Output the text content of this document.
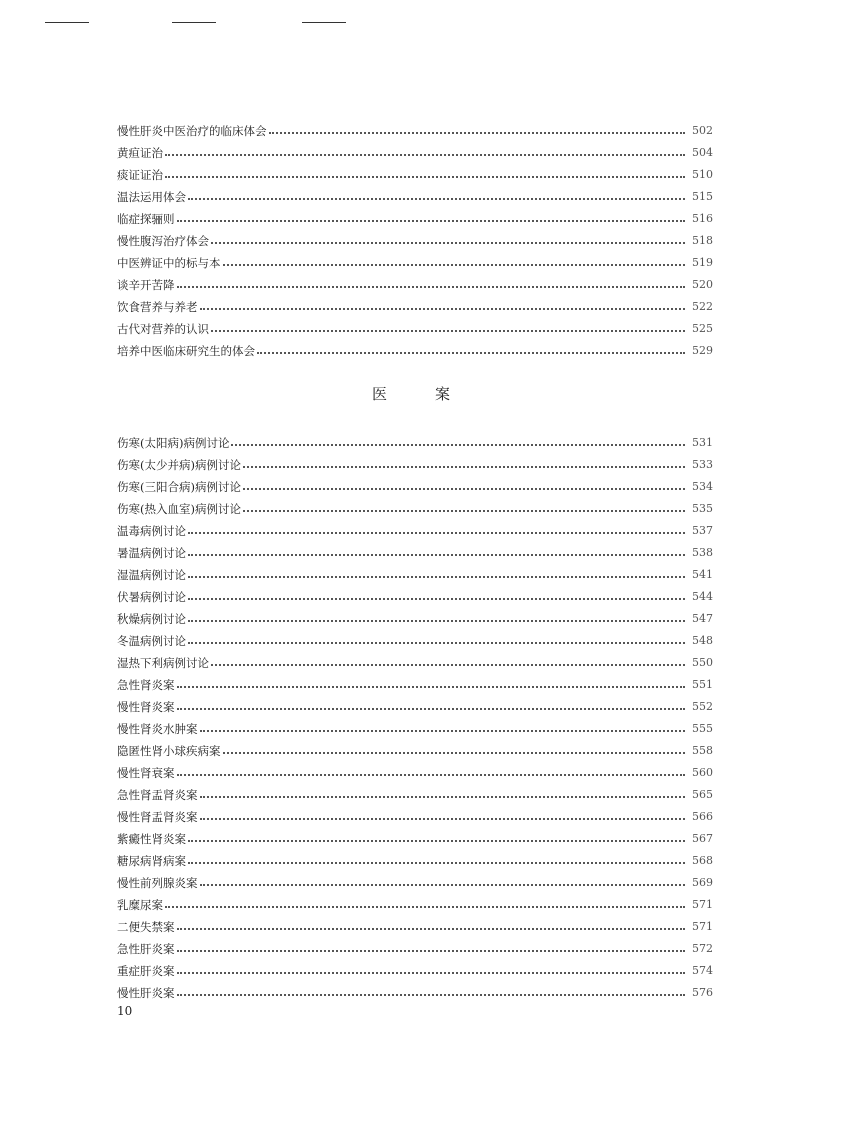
慢性肝炎中医治疗的临床体会	502
黄疸证治	504
痰证证治	510
温法运用体会	515
临症探骊则	516
慢性腹泻治疗体会	518
中医辨证中的标与本	519
谈辛开苦降	520
饮食营养与养老	522
古代对营养的认识	525
培养中医临床研究生的体会	529
医案
伤寒(太阳病)病例讨论	531
伤寒(太少并病)病例讨论	533
伤寒(三阳合病)病例讨论	534
伤寒(热入血室)病例讨论	535
温毒病例讨论	537
暑温病例讨论	538
湿温病例讨论	541
伏暑病例讨论	544
秋燥病例讨论	547
冬温病例讨论	548
湿热下利病例讨论	550
急性肾炎案	551
慢性肾炎案	552
慢性肾炎水肿案	555
隐匿性肾小球疾病案	558
慢性肾衰案	560
急性肾盂肾炎案	565
慢性肾盂肾炎案	566
紫癜性肾炎案	567
糖尿病肾病案	568
慢性前列腺炎案	569
乳糜尿案	571
二便失禁案	571
急性肝炎案	572
重症肝炎案	574
慢性肝炎案	576
10
